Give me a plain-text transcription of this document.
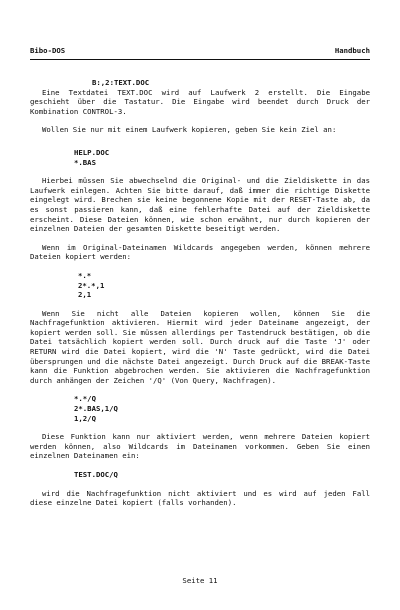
Bibo-DOS	Handbuch
B:,2:TEXT.DOC

Eine Textdatei TEXT.DOC wird auf Laufwerk 2 erstellt. Die Eingabe geschieht über die Tastatur. Die Eingabe wird beendet durch Druck der Kombination CONTROL-3.

Wollen Sie nur mit einem Laufwerk kopieren, geben Sie kein Ziel an:

HELP.DOC
*.BAS

Hierbei müssen Sie abwechselnd die Original- und die Zieldiskette in das Laufwerk einlegen. Achten Sie bitte darauf, daß immer die richtige Diskette eingelegt wird. Brechen sie keine begonnene Kopie mit der RESET-Taste ab, da es sonst passieren kann, daß eine fehlerhafte Datei auf der Zieldiskette erscheint. Diese Dateien können, wie schon erwähnt, nur durch kopieren der einzelnen Dateien der gesamten Diskette beseitigt werden.

Wenn im Original-Dateinamen Wildcards angegeben werden, können mehrere Dateien kopiert werden:

*.*
2*.*,1
2,1

Wenn Sie nicht alle Dateien kopieren wollen, können Sie die Nachfragefunktion aktivieren. Hiermit wird jeder Dateiname angezeigt, der kopiert werden soll. Sie müssen allerdings per Tastendruck bestätigen, ob die Datei tatsächlich kopiert werden soll. Durch druck auf die Taste 'J' oder RETURN wird die Datei kopiert, wird die 'N' Taste gedrückt, wird die Datei übersprungen und die nächste Datei angezeigt. Durch Druck auf die BREAK-Taste kann die Funktion abgebrochen werden. Sie aktivieren die Nachfragefunktion durch anhängen der Zeichen '/Q' (Von Query, Nachfragen).

*.*/Q
2*.BAS,1/Q
1,2/Q

Diese Funktion kann nur aktiviert werden, wenn mehrere Dateien kopiert werden können, also Wildcards im Dateinamen vorkommen. Geben Sie einen einzelnen Dateinamen ein:

TEST.DOC/Q

wird die Nachfragefunktion nicht aktiviert und es wird auf jeden Fall diese einzelne Datei kopiert (falls vorhanden).

Seite 11
